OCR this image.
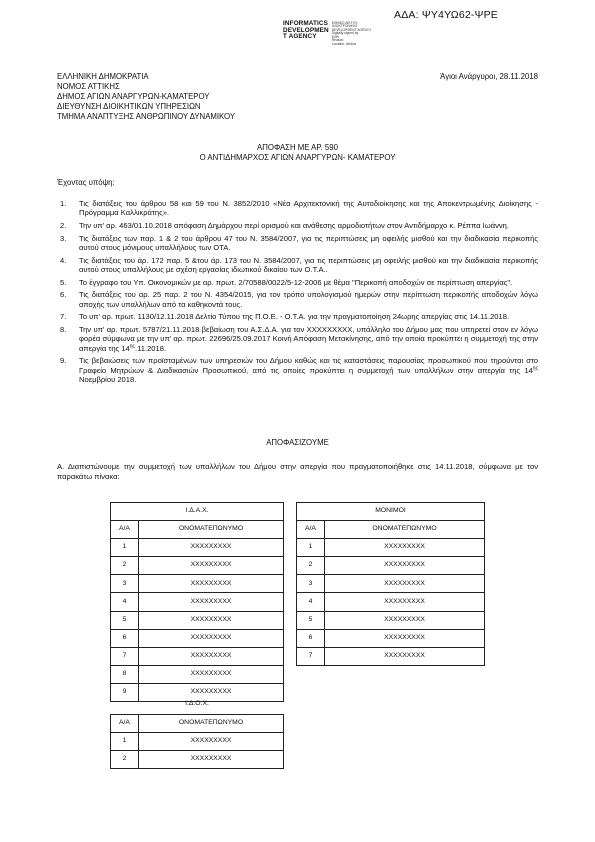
ΑΔΑ: ΨΥ4ΥΩ62-ΨΡΕ
INFORMATICS
DEVELOPMEN
T AGENCY
ΕΘΝΙΚΟ ΔΙΚΤΥΟ
ΗΛΕΚΤΡΟΝΙΚΗΣ
DEVELOPMENT AGENCY
Digitally signed by
ΕΘΝ
Reason:
Location: Athens
ΕΛΛΗΝΙΚΗ ΔΗΜΟΚΡΑΤΙΑ
ΝΟΜΟΣ ΑΤΤΙΚΗΣ
ΔΗΜΟΣ ΑΓΙΩΝ ΑΝΑΡΓΥΡΩΝ-ΚΑΜΑΤΕΡΟΥ
ΔΙΕΥΘΥΝΣΗ ΔΙΟΙΚΗΤΙΚΩΝ ΥΠΗΡΕΣΙΩΝ
ΤΜΗΜΑ ΑΝΑΠΤΥΞΗΣ ΑΝΘΡΩΠΙΝΟΥ ΔΥΝΑΜΙΚΟΥ
Άγιοι Ανάργυροι, 28.11.2018
ΑΠΟΦΑΣΗ ΜΕ ΑΡ. 590
Ο ΑΝΤΙΔΗΜΑΡΧΟΣ ΑΓΙΩΝ ΑΝΑΡΓΥΡΩΝ- ΚΑΜΑΤΕΡΟΥ
Έχοντας υπόψη:
1.	Τις διατάξεις του άρθρου 58 και 59 του Ν. 3852/2010 «Νέα Αρχιτεκτονική της Αυτοδιοίκησης και της Αποκεντρωμένης Διοίκησης - Πρόγραμμα Καλλικράτης».
2.	Την υπ' αρ. 463/01.10.2018 απόφαση Δημάρχου περί ορισμού και ανάθεσης αρμοδιοτήτων στον Αντιδήμαρχο κ. Ρέππα Ιωάννη.
3.	Τις διατάξεις των παρ. 1 & 2 του άρθρου 47 του Ν. 3584/2007, για τις περιπτώσεις μη οφειλής μισθού και την διαδικασία περικοπής αυτού στους μόνιμους υπαλλήλους των ΟΤΑ.
4.	Τις διατάξεις του άρ. 172 παρ. 5 &του άρ. 173 του Ν. 3584/2007, για τις περιπτώσεις μη οφειλής μισθού και την διαδικασία περικοπής αυτού στους υπαλλήλους με σχέση εργασίας ιδιωτικού δικαίου των Ο.Τ.Α..
5.	Το έγγραφο του Υπ. Οικονομικών με αρ. πρωτ. 2/70588/0022/5-12-2006 με θέμα "Περικοπή αποδοχών σε περίπτωση απεργίας".
6.	Τις διατάξεις του αρ. 25 παρ. 2 του Ν. 4354/2015, για τον τρόπο υπολογισμού ημερών στην περίπτωση περικοπής αποδοχών λόγω αποχής των υπαλλήλων από τα καθηκοντά τους.
7.	Το υπ' αρ. πρωτ. 1130/12.11.2018 Δελτίο Τύπου της Π.Ο.Ε. - Ο.Τ.Α. για την πραγματοποίηση 24ωρης απεργίας στις 14.11.2018.
8.	Την υπ' αρ. πρωτ. 5787/21.11.2018 βεβαίωση του Α.Σ.Δ.Α. για τον ΧΧΧΧΧΧΧΧΧ, υπάλληλο του Δήμου μας που υπηρετεί στον εν λόγω φορέα σύμφωνα με την υπ' αρ. πρωτ. 22696/25.09.2017 Κοινή Απόφαση Μετακίνησης, από την οποία προκύπτει η συμμετοχή της στην απεργία της $14^{\eta\varsigma}.11.2018$.
9.	Τις βεβαιώσεις των προϊσταμένων των υπηρεσιών του Δήμου καθώς και τις καταστάσεις παρουσίας προσωπικού που τηρούνται στο Γραφείο Μητρώων & Διαδικασιών Προσωπικού, από τις οποίες προκύπτει η συμμετοχή των υπαλλήλων στην απεργία της $14^{\eta\varsigma}$ Νοεμβρίου 2018.
ΑΠΟΦΑΣΙΖΟΥΜΕ
Α. Διαπιστώνουμε την συμμετοχή των υπαλλήλων του Δήμου στην απεργία που πραγματοποιήθηκε στις 14.11.2018, σύμφωνα με τον παρακάτω πίνακα:
Ι.Δ.Α.Χ.	
Α/Α	ΟΝΟΜΑΤΕΠΩΝΥΜΟ
1	ΧΧΧΧΧΧΧΧΧ
2	ΧΧΧΧΧΧΧΧΧ
3	ΧΧΧΧΧΧΧΧΧ
4	ΧΧΧΧΧΧΧΧΧ
5	ΧΧΧΧΧΧΧΧΧ
6	ΧΧΧΧΧΧΧΧΧ
7	ΧΧΧΧΧΧΧΧΧ
8	ΧΧΧΧΧΧΧΧΧ
9	ΧΧΧΧΧΧΧΧΧ
ΜΟΝΙΜΟΙ	
Α/Α	ΟΝΟΜΑΤΕΠΩΝΥΜΟ
1	ΧΧΧΧΧΧΧΧΧ
2	ΧΧΧΧΧΧΧΧΧ
3	ΧΧΧΧΧΧΧΧΧ
4	ΧΧΧΧΧΧΧΧΧ
5	ΧΧΧΧΧΧΧΧΧ
6	ΧΧΧΧΧΧΧΧΧ
7	ΧΧΧΧΧΧΧΧΧ
Ι.Δ.Ο.Χ.	
Α/Α	ΟΝΟΜΑΤΕΠΩΝΥΜΟ
1	ΧΧΧΧΧΧΧΧΧ
2	ΧΧΧΧΧΧΧΧΧ
